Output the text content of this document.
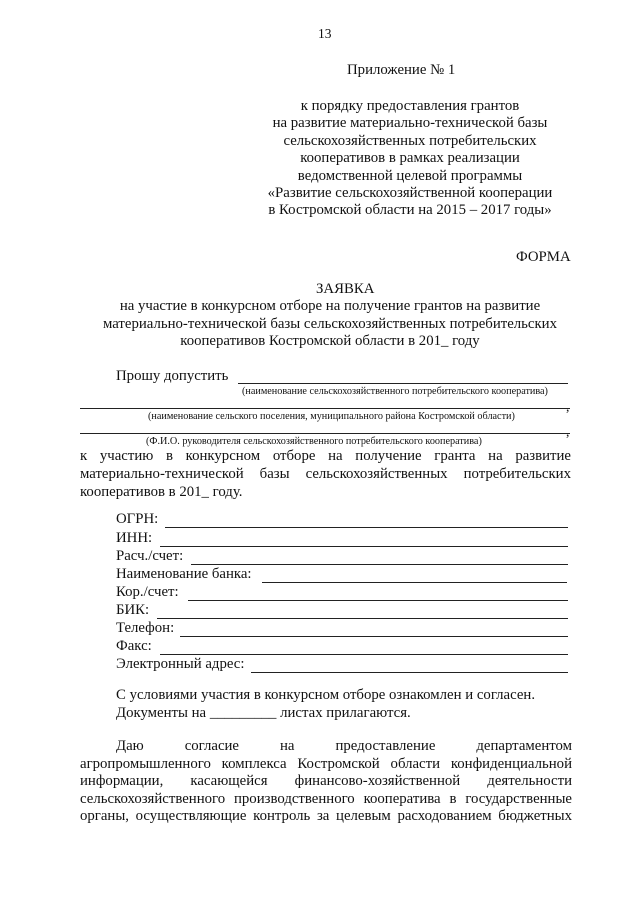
13
Приложение № 1
к порядку предоставления грантов
на развитие материально-технической базы
сельскохозяйственных потребительских
кооперативов в рамках реализации
ведомственной целевой программы
«Развитие сельскохозяйственной кооперации
в Костромской области на 2015 – 2017 годы»
ФОРМА
ЗАЯВКА
на участие в конкурсном отборе на получение грантов на развитие
материально-технической базы сельскохозяйственных потребительских
кооперативов Костромской области в 201_ году
Прошу допустить
(наименование сельскохозяйственного потребительского кооператива)
,
(наименование сельского поселения, муниципального района Костромской области)
,
(Ф.И.О. руководителя сельскохозяйственного потребительского кооператива)
к участию в конкурсном отборе на получение гранта на развитие
материально-технической базы сельскохозяйственных потребительских
кооперативов в 201_ году.
ОГРН:
ИНН:
Расч./счет:
Наименование банка:
Кор./счет:
БИК:
Телефон:
Факс:
Электронный адрес:
С условиями участия в конкурсном отборе ознакомлен и согласен.
Документы на _________ листах прилагаются.
Даю согласие на предоставление департаментом
агропромышленного комплекса Костромской области конфиденциальной
информации, касающейся финансово-хозяйственной деятельности
сельскохозяйственного производственного кооператива в государственные
органы, осуществляющие контроль за целевым расходованием бюджетных
